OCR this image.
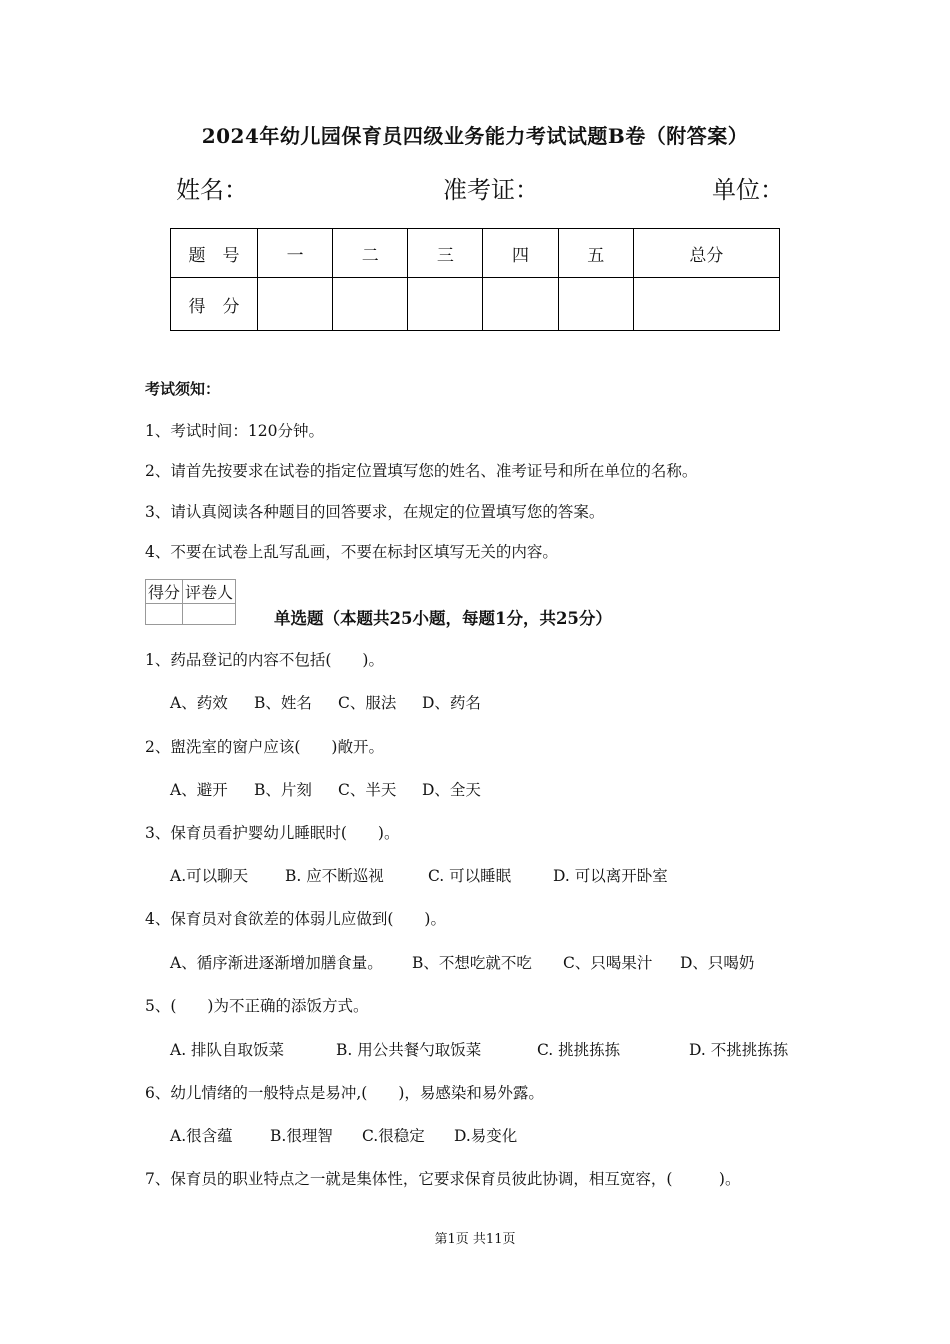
2024年幼儿园保育员四级业务能力考试试题B卷（附答案）
姓名：	准考证：	单位：
题　号	一	二	三	四	五	总分
得　分						
考试须知：
1、考试时间：120分钟。
2、请首先按要求在试卷的指定位置填写您的姓名、准考证号和所在单位的名称。
3、请认真阅读各种题目的回答要求，在规定的位置填写您的答案。
4、不要在试卷上乱写乱画，不要在标封区填写无关的内容。
得分	评卷人

单选题（本题共25小题，每题1分，共25分）
1、药品登记的内容不包括(　　)。
A、药效 B、姓名 C、服法 D、药名
2、盥洗室的窗户应该(　　)敞开。
A、避开 B、片刻 C、半天 D、全天
3、保育员看护婴幼儿睡眠时(　　)。
A.可以聊天 B. 应不断巡视	C. 可以睡眠	D. 可以离开卧室
4、保育员对食欲差的体弱儿应做到(　　)。
A、循序渐进逐渐增加膳食量。 B、不想吃就不吃 C、只喝果汁 D、只喝奶
5、(　　)为不正确的添饭方式。
A. 排队自取饭菜	B. 用公共餐勺取饭菜	C. 挑挑拣拣	D. 不挑挑拣拣
6、幼儿情绪的一般特点是易冲,(　　)，易感染和易外露。
A.很含蕴 B.很理智 C.很稳定 D.易变化
7、保育员的职业特点之一就是集体性，它要求保育员彼此协调，相互宽容，(　　　)。
第1页 共11页
